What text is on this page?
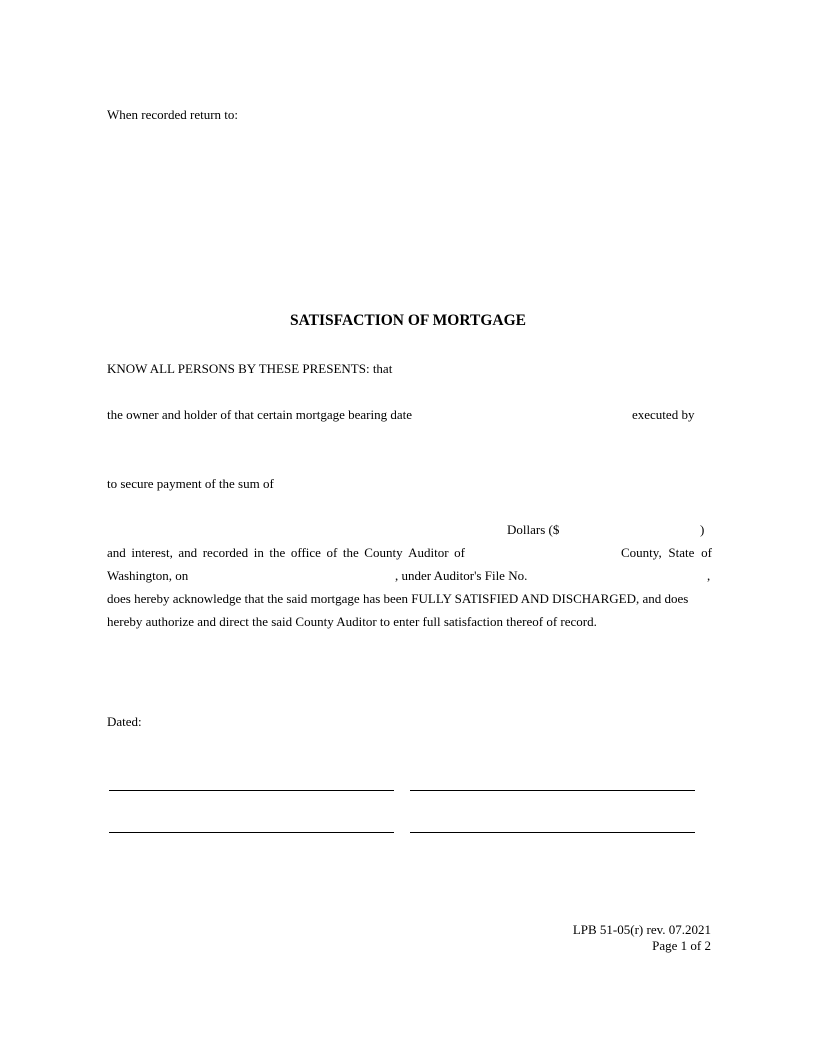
When recorded return to:
SATISFACTION OF MORTGAGE
KNOW ALL PERSONS BY THESE PRESENTS: that
the owner and holder of that certain mortgage bearing date	executed by
to secure payment of the sum of
Dollars ($	)
and interest, and recorded in the office of the County Auditor of	County, State of
Washington, on	, under Auditor's File No.	,
does hereby acknowledge that the said mortgage has been FULLY SATISFIED AND DISCHARGED, and does
hereby authorize and direct the said County Auditor to enter full satisfaction thereof of record.
Dated:
LPB 51-05(r) rev. 07.2021
Page 1 of 2
